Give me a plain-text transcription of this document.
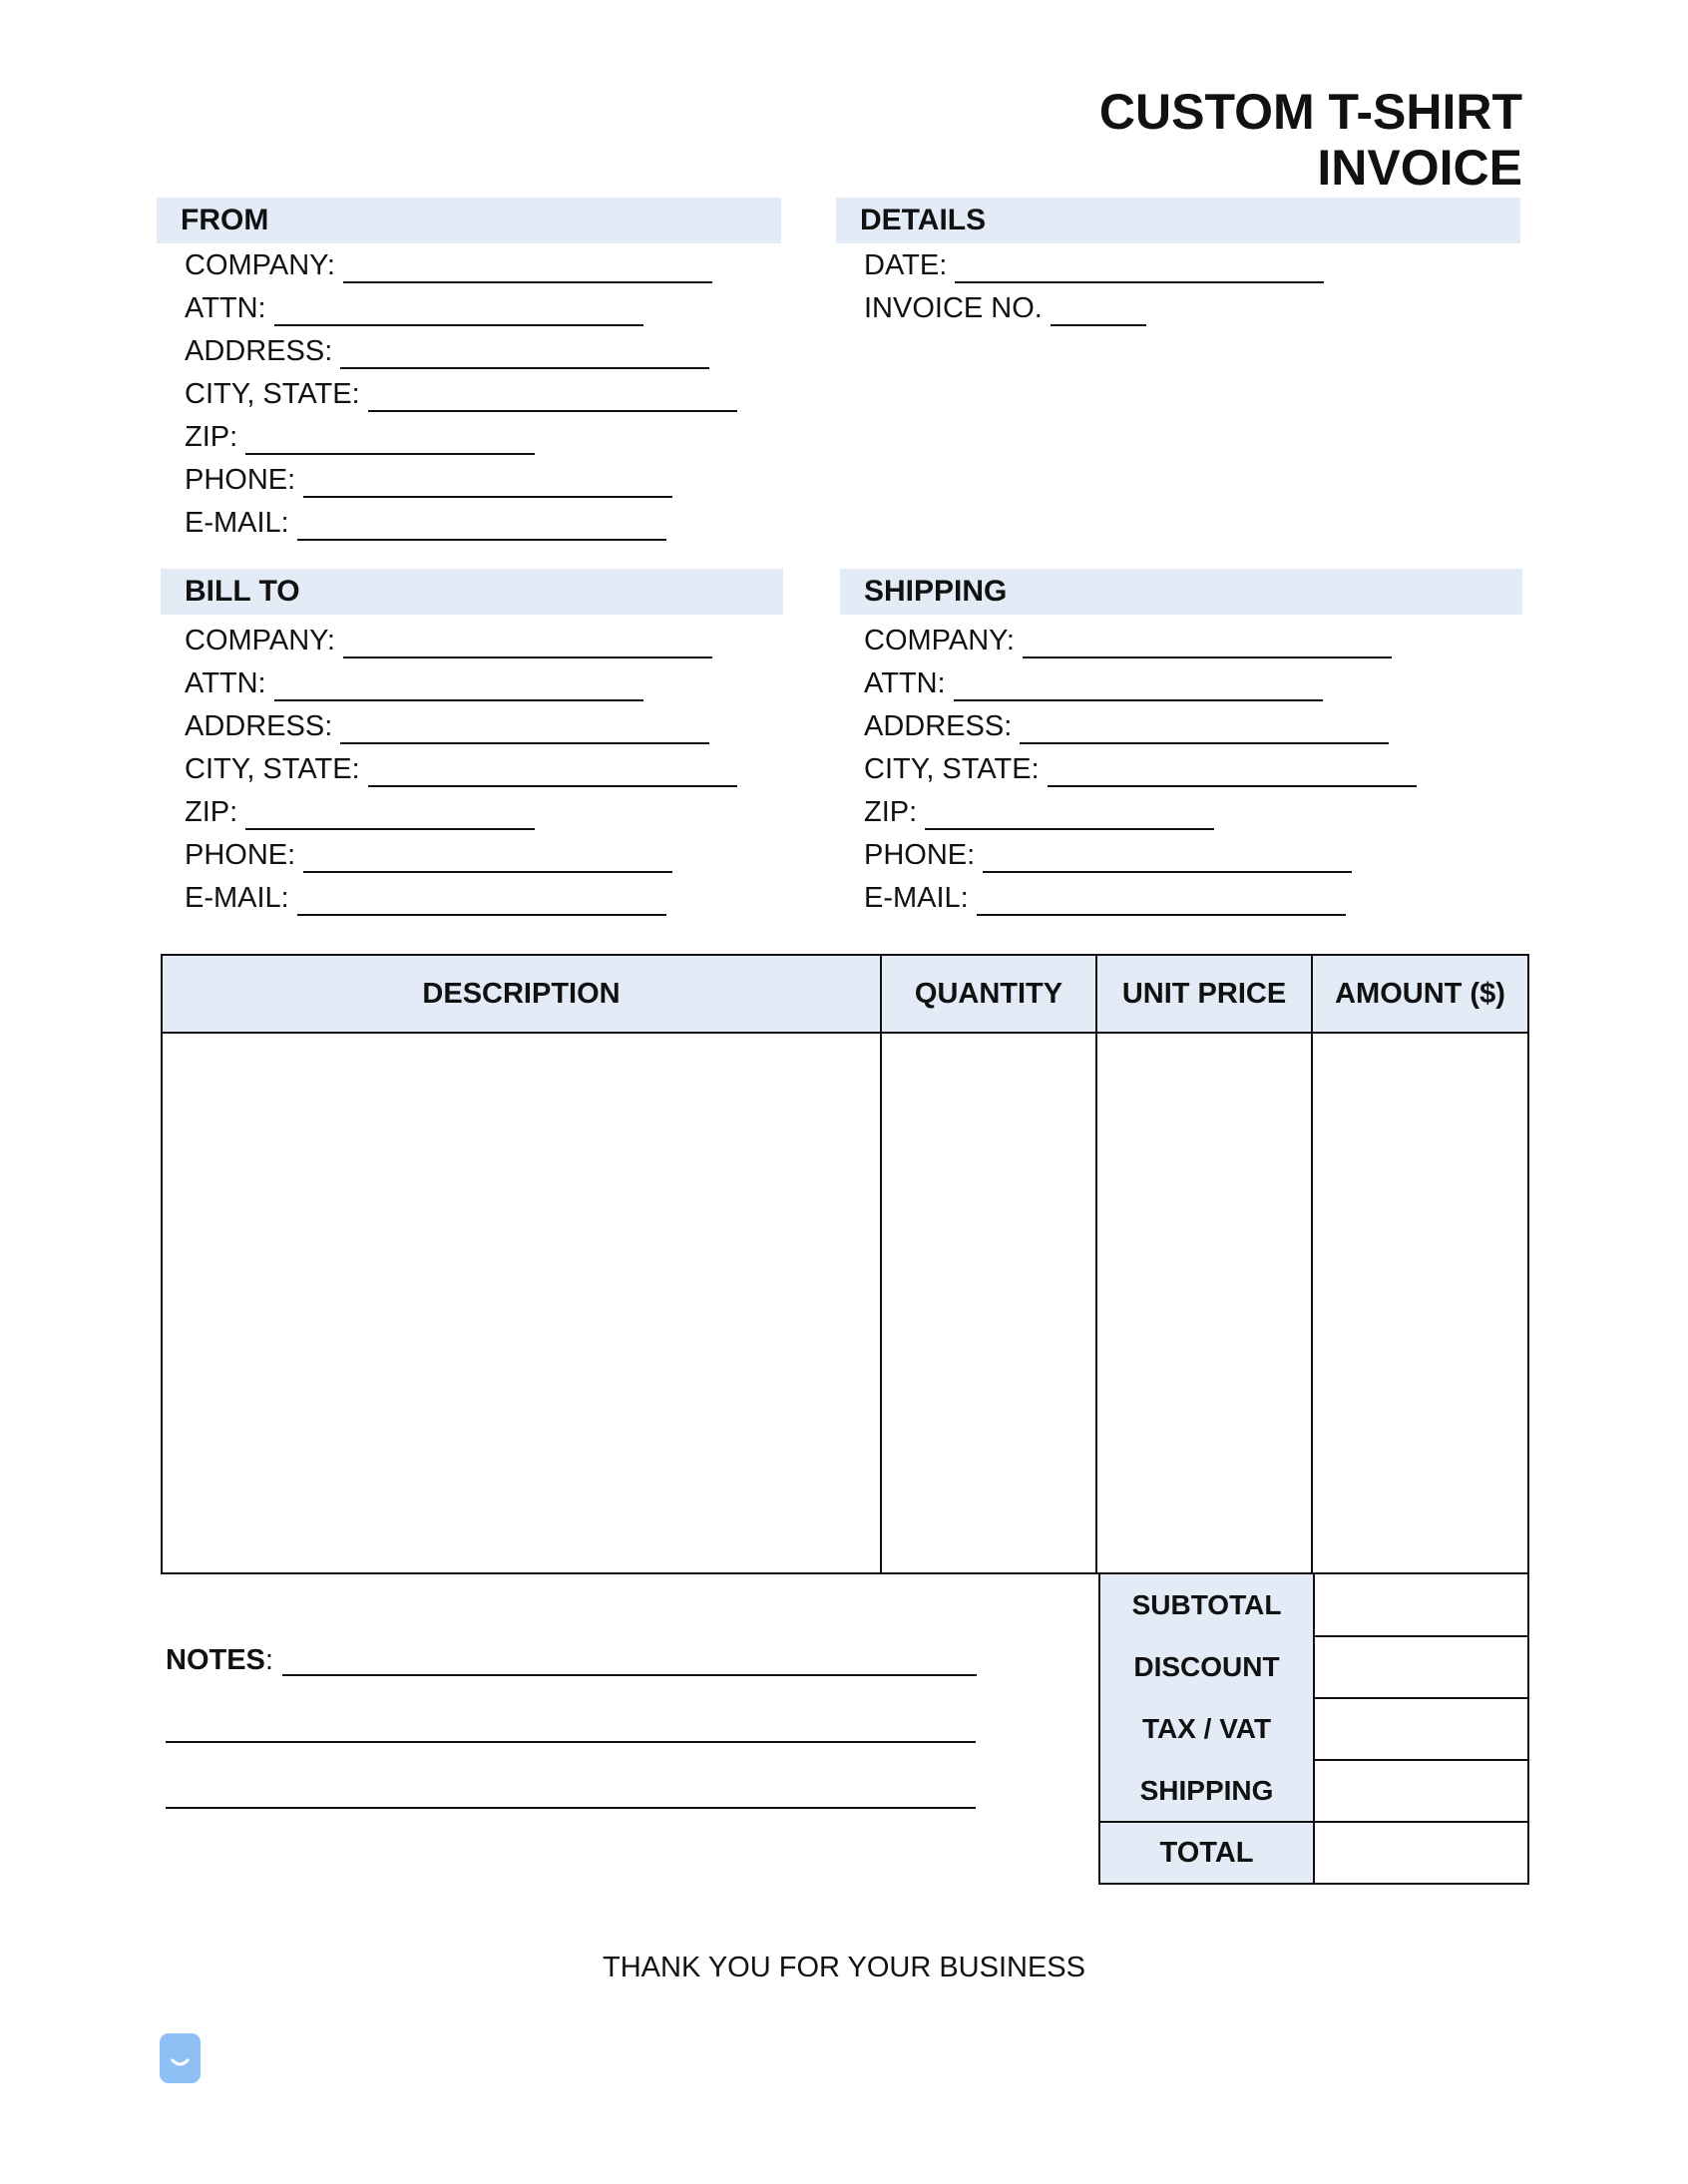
CUSTOM T-SHIRT
INVOICE
FROM
COMPANY:
ATTN:
ADDRESS:
CITY, STATE:
ZIP:
PHONE:
E-MAIL:
DETAILS
DATE:
INVOICE NO.
BILL TO
COMPANY:
ATTN:
ADDRESS:
CITY, STATE:
ZIP:
PHONE:
E-MAIL:
SHIPPING
COMPANY:
ATTN:
ADDRESS:
CITY, STATE:
ZIP:
PHONE:
E-MAIL:
DESCRIPTION	QUANTITY	UNIT PRICE	AMOUNT ($)
SUBTOTAL
DISCOUNT
TAX / VAT
SHIPPING
TOTAL
NOTES:
THANK YOU FOR YOUR BUSINESS
